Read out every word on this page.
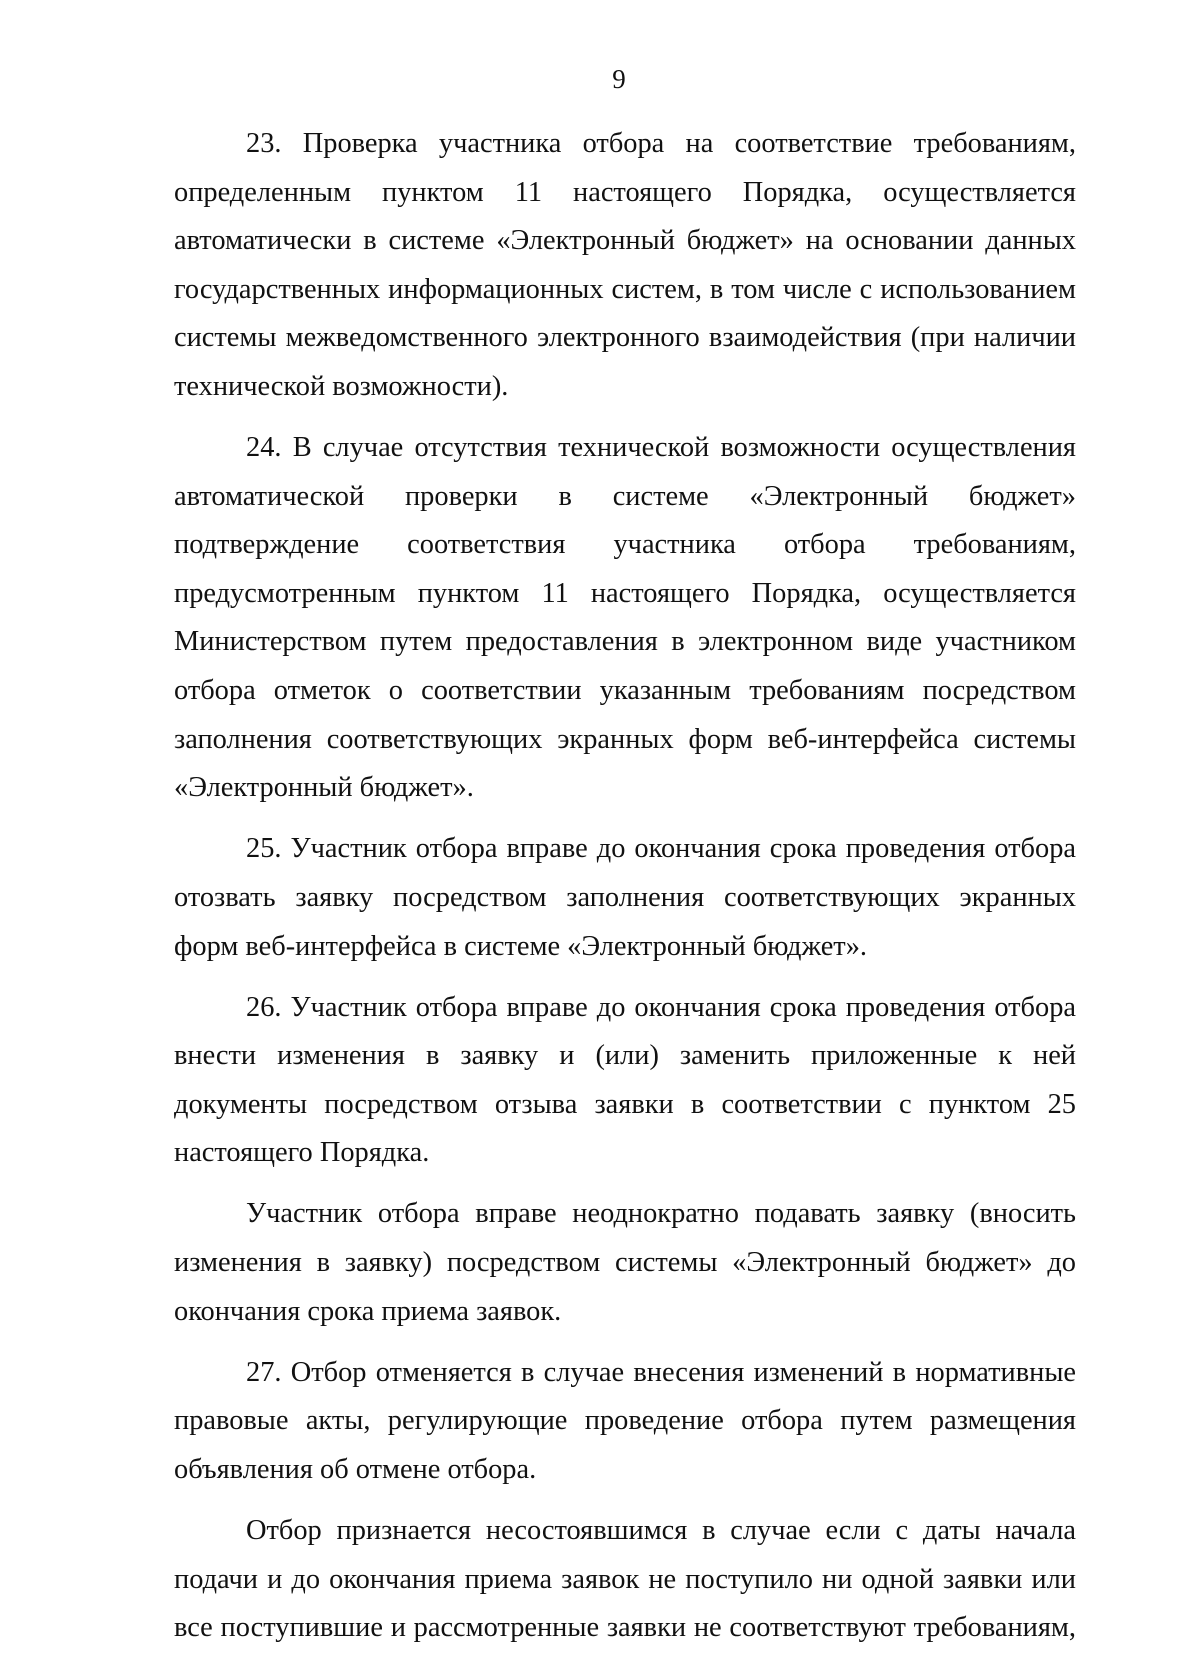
9

23. Проверка участника отбора на соответствие требованиям, определенным пунктом 11 настоящего Порядка, осуществляется автоматически в системе «Электронный бюджет» на основании данных государственных информационных систем, в том числе с использованием системы межведомственного электронного взаимодействия (при наличии технической возможности).

24. В случае отсутствия технической возможности осуществления автоматической проверки в системе «Электронный бюджет» подтверждение соответствия участника отбора требованиям, предусмотренным пунктом 11 настоящего Порядка, осуществляется Министерством путем предоставления в электронном виде участником отбора отметок о соответствии указанным требованиям посредством заполнения соответствующих экранных форм веб-интерфейса системы «Электронный бюджет».

25. Участник отбора вправе до окончания срока проведения отбора отозвать заявку посредством заполнения соответствующих экранных форм веб-интерфейса в системе «Электронный бюджет».

26. Участник отбора вправе до окончания срока проведения отбора внести изменения в заявку и (или) заменить приложенные к ней документы посредством отзыва заявки в соответствии с пунктом 25 настоящего Порядка.

Участник отбора вправе неоднократно подавать заявку (вносить изменения в заявку) посредством системы «Электронный бюджет» до окончания срока приема заявок.

27. Отбор отменяется в случае внесения изменений в нормативные правовые акты, регулирующие проведение отбора путем размещения объявления об отмене отбора.

Отбор признается несостоявшимся в случае если с даты начала подачи и до окончания приема заявок не поступило ни одной заявки или все поступившие и рассмотренные заявки не соответствуют требованиям,
